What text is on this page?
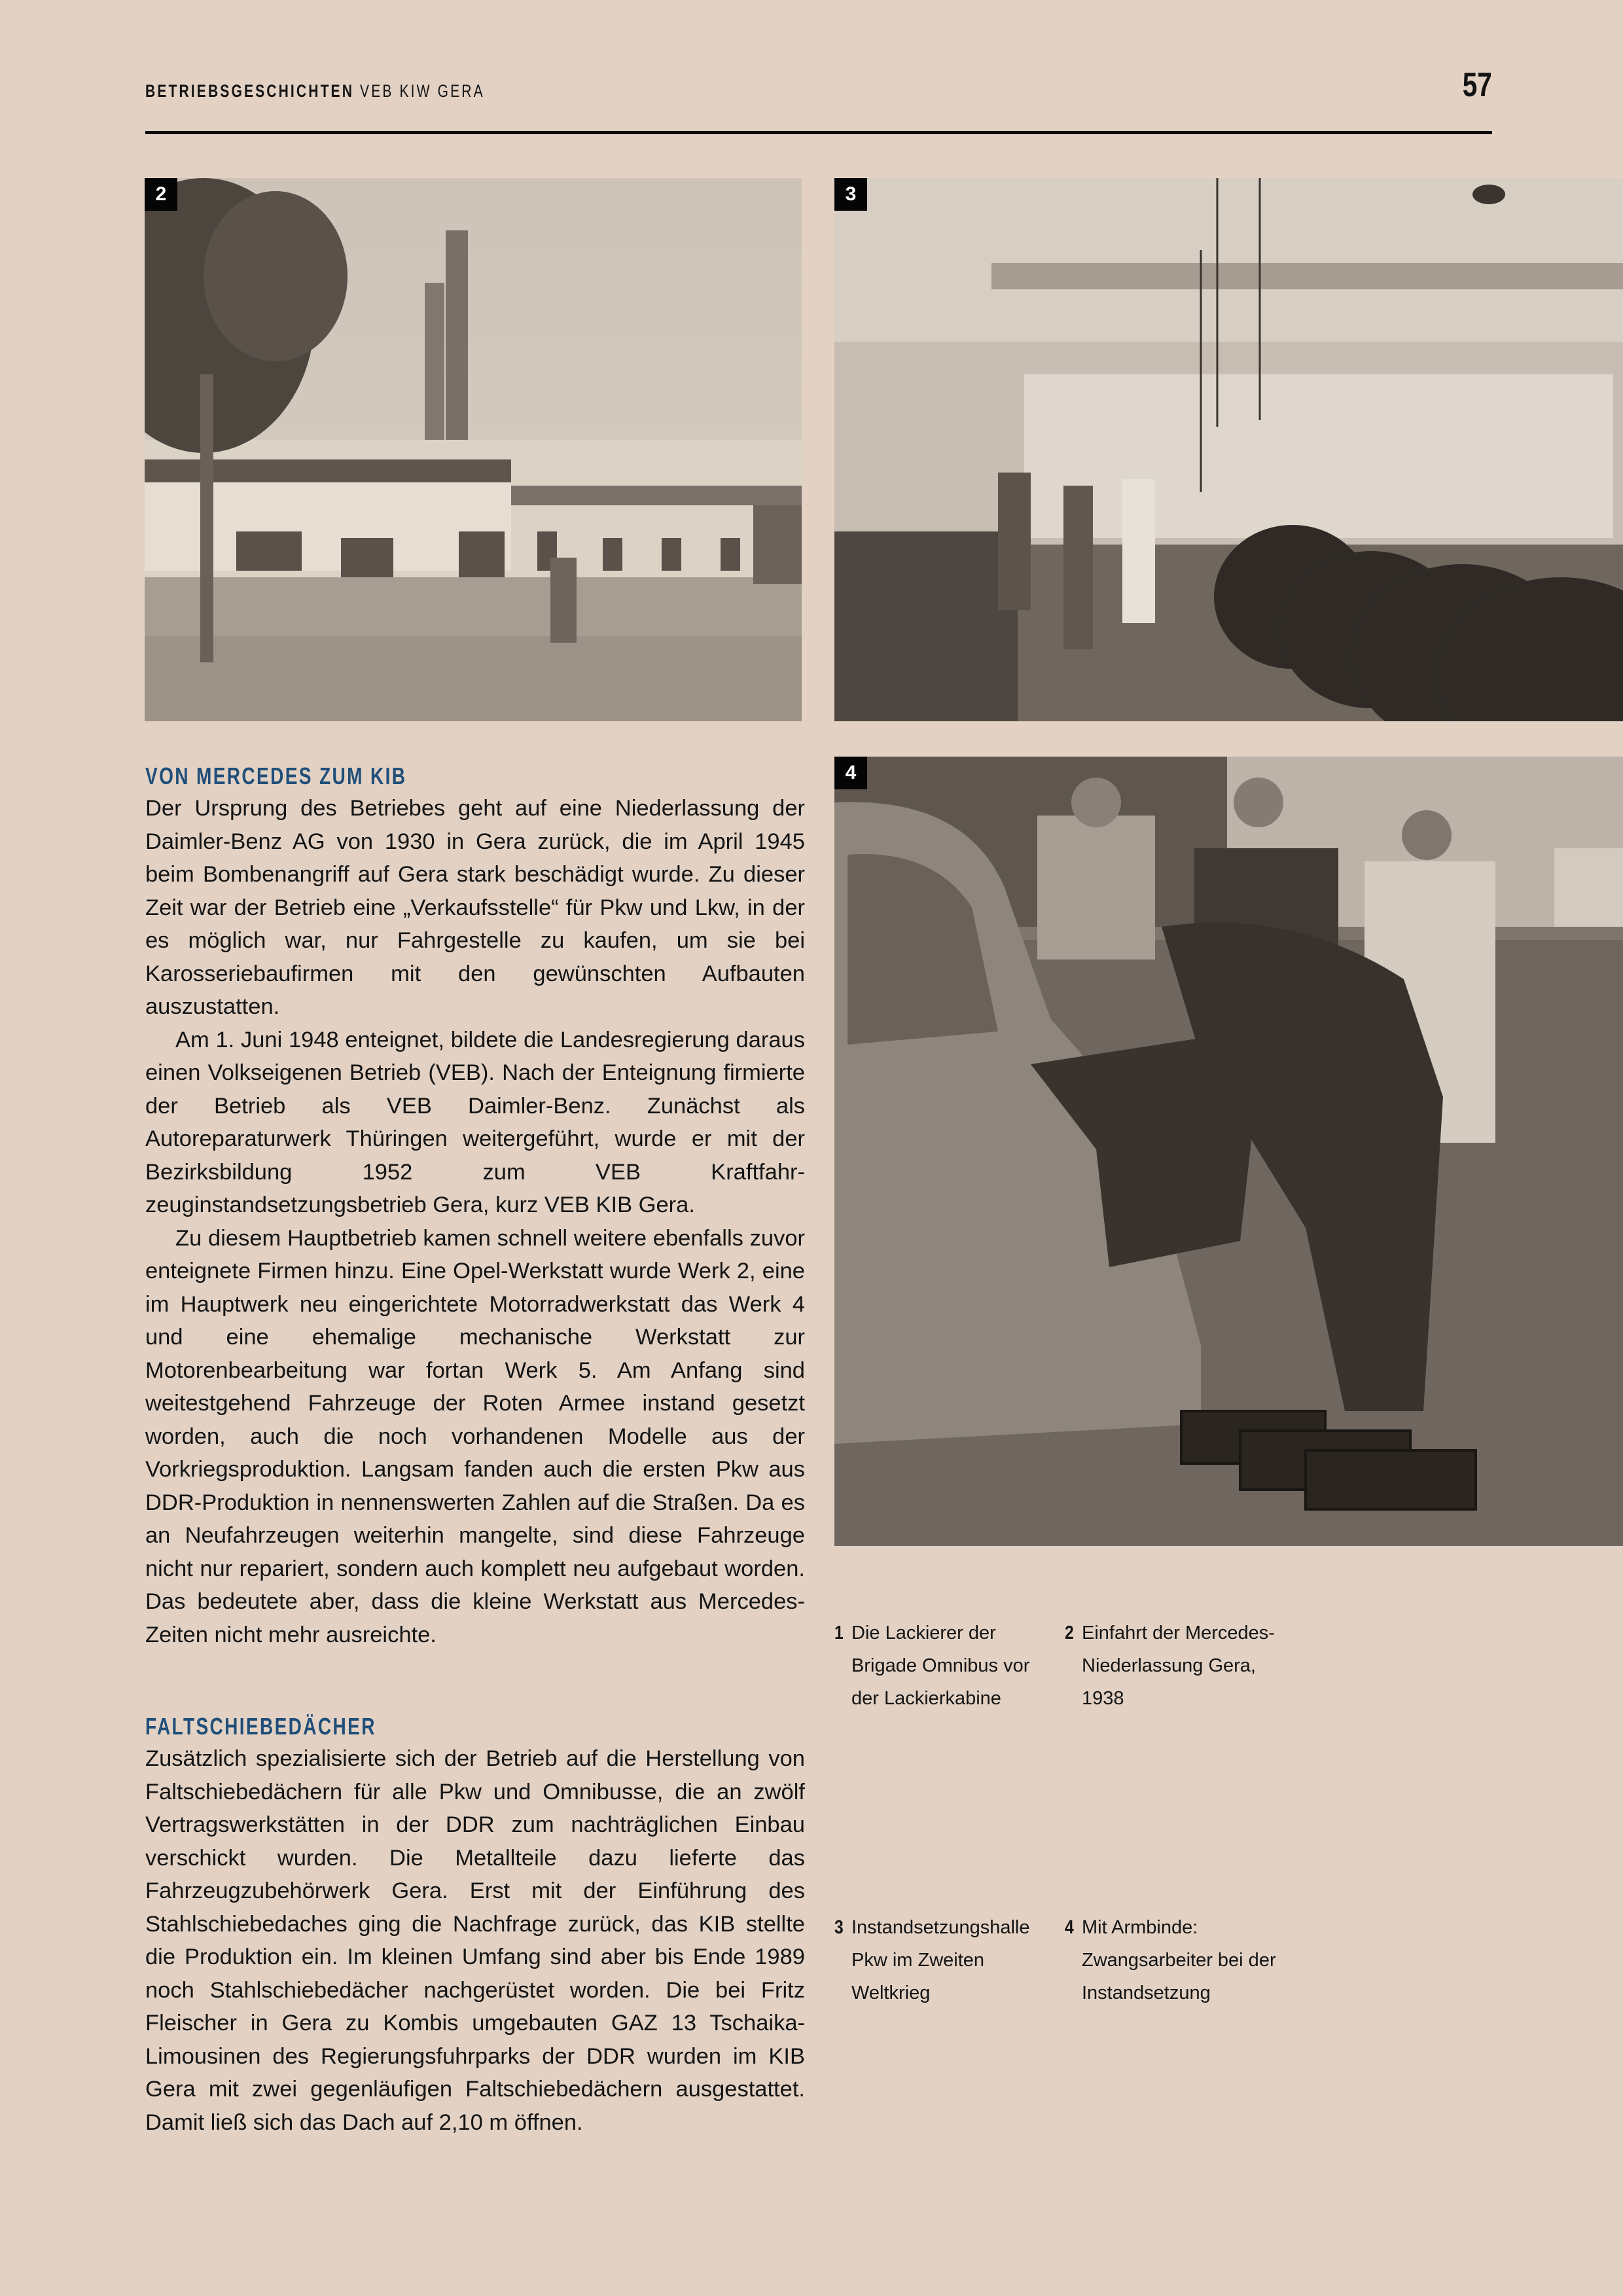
BETRIEBSGESCHICHTEN VEB KIW GERA	57
2	3
4
VON MERCEDES ZUM KIB

Der Ursprung des Betriebes geht auf eine Niederlassung der Daimler-Benz AG von 1930 in Gera zurück, die im April 1945 beim Bombenangriff auf Gera stark beschädigt wurde. Zu dieser Zeit war der Betrieb eine „Verkaufsstelle“ für Pkw und Lkw, in der es möglich war, nur Fahrgestelle zu kaufen, um sie bei Karosseriebaufirmen mit den gewünschten Aufbauten auszustatten.

Am 1. Juni 1948 enteignet, bildete die Landesregierung daraus einen Volkseigenen Betrieb (VEB). Nach der Enteignung firmierte der Betrieb als VEB Daimler-Benz. Zunächst als Autoreparaturwerk Thüringen weitergeführt, wurde er mit der Bezirksbildung 1952 zum VEB Kraftfahrzeuginstandsetzungsbetrieb Gera, kurz VEB KIB Gera.

Zu diesem Hauptbetrieb kamen schnell weitere ebenfalls zuvor enteignete Firmen hinzu. Eine Opel-Werkstatt wurde Werk 2, eine im Hauptwerk neu eingerichtete Motorradwerkstatt das Werk 4 und eine ehemalige mechanische Werkstatt zur Motorenbearbeitung war fortan Werk 5. Am Anfang sind weitestgehend Fahrzeuge der Roten Armee instand gesetzt worden, auch die noch vorhandenen Modelle aus der Vorkriegsproduktion. Langsam fanden auch die ersten Pkw aus DDR-Produktion in nennenswerten Zahlen auf die Straßen. Da es an Neufahrzeugen weiterhin mangelte, sind diese Fahrzeuge nicht nur repariert, sondern auch komplett neu aufgebaut worden. Das bedeutete aber, dass die kleine Werkstatt aus Mercedes-Zeiten nicht mehr ausreichte.

FALTSCHIEBEDÄCHER

Zusätzlich spezialisierte sich der Betrieb auf die Herstellung von Faltschiebedächern für alle Pkw und Omnibusse, die an zwölf Vertragswerkstätten in der DDR zum nachträglichen Einbau verschickt wurden. Die Metallteile dazu lieferte das Fahrzeugzubehörwerk Gera. Erst mit der Einführung des Stahlschiebedaches ging die Nachfrage zurück, das KIB stellte die Produktion ein. Im kleinen Umfang sind aber bis Ende 1989 noch Stahlschiebedächer nachgerüstet worden. Die bei Fritz Fleischer in Gera zu Kombis umgebauten GAZ 13 Tschaika-Limousinen des Regierungsfuhrparks der DDR wurden im KIB Gera mit zwei gegenläufigen Faltschiebedächern ausgestattet. Damit ließ sich das Dach auf 2,10 m öffnen.

1 Die Lackierer der Brigade Omnibus vor der Lackierkabine
2 Einfahrt der Mercedes-Niederlassung Gera, 1938
3 Instandsetzungshalle Pkw im Zweiten Weltkrieg
4 Mit Armbinde: Zwangsarbeiter bei der Instandsetzung
